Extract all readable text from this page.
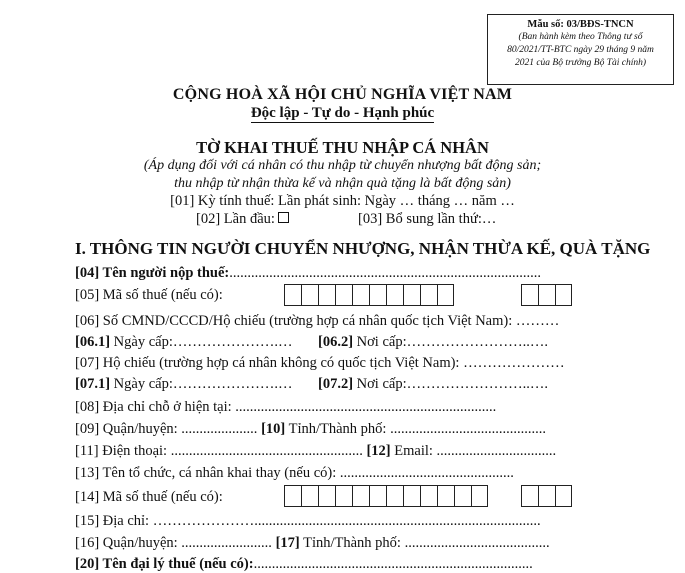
Mẫu số: 03/BĐS-TNCN
(Ban hành kèm theo Thông tư số
80/2021/TT-BTC ngày 29 tháng 9 năm
2021 của Bộ trưởng Bộ Tài chính)
CỘNG HOÀ XÃ HỘI CHỦ NGHĨA VIỆT NAM
Độc lập - Tự do - Hạnh phúc
TỜ KHAI THUẾ THU NHẬP CÁ NHÂN
(Áp dụng đối với cá nhân có thu nhập từ chuyển nhượng bất động sản;
thu nhập từ nhận thừa kế và nhận quà tặng là bất động sản)
[01] Kỳ tính thuế: Lần phát sinh: Ngày … tháng … năm …
[02] Lần đầu:	[03] Bổ sung lần thứ:…
I. THÔNG TIN NGƯỜI CHUYỂN NHƯỢNG, NHẬN THỪA KẾ, QUÀ TẶNG
[04] Tên người nộp thuế:......................................................................................
[05] Mã số thuế (nếu có):
[06] Số CMND/CCCD/Hộ chiếu (trường hợp cá nhân quốc tịch Việt Nam): ………
[06.1] Ngày cấp:………………….… [06.2] Nơi cấp:……………………..….
[07] Hộ chiếu (trường hợp cá nhân không có quốc tịch Việt Nam): …………………
[07.1] Ngày cấp:………………….… [07.2] Nơi cấp:……………………..….
[08] Địa chỉ chỗ ở hiện tại: ........................................................................
[09] Quận/huyện: ..................... [10] Tỉnh/Thành phố: ...........................................
[11] Điện thoại: ..................................................... [12] Email: .................................
[13] Tên tổ chức, cá nhân khai thay (nếu có): ................................................
[14] Mã số thuế (nếu có):
[15] Địa chỉ: …………………...............................................................................
[16] Quận/huyện: ......................... [17] Tỉnh/Thành phố: ........................................
[20] Tên đại lý thuế (nếu có):.............................................................................
